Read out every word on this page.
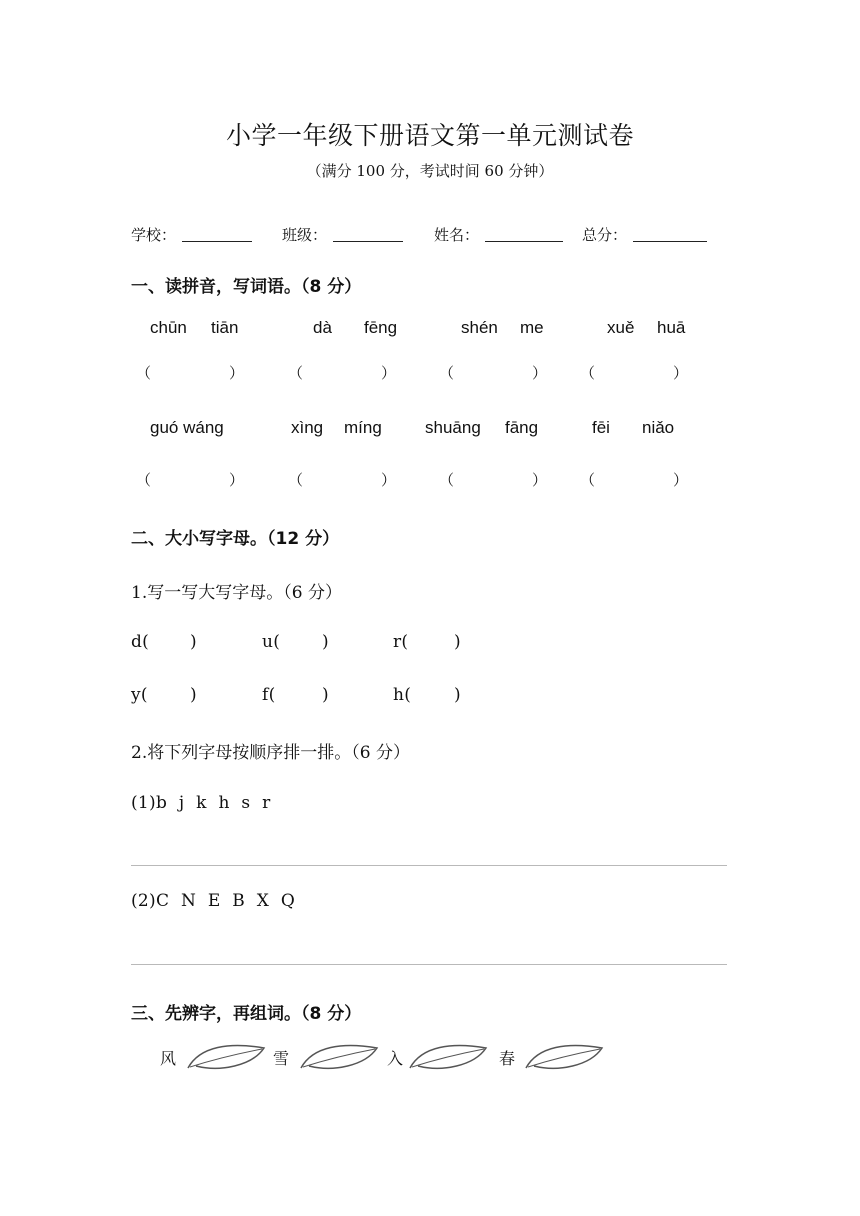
小学一年级下册语文第一单元测试卷
（满分 100 分，考试时间 60 分钟）
学校：	班级：	姓名：	总分：
一、读拼音，写词语。（8 分）
chūn tiān	dà fēng	shén me	xuě huā
（	）	（	）	（	） （	）
guó wáng	xìng míng	shuāng fāng	fēi niǎo
（	）	（	）	（	） （	）
二、大小写字母。（12 分）
1.写一写大写字母。（6 分）
d( )	u( )	r(	)
y( )	f(	)	h(	)
2.将下列字母按顺序排一排。（6 分）
(1)b j k h s r
(2)C N E B X Q
三、先辨字，再组词。（8 分）
风	雪	入	春
